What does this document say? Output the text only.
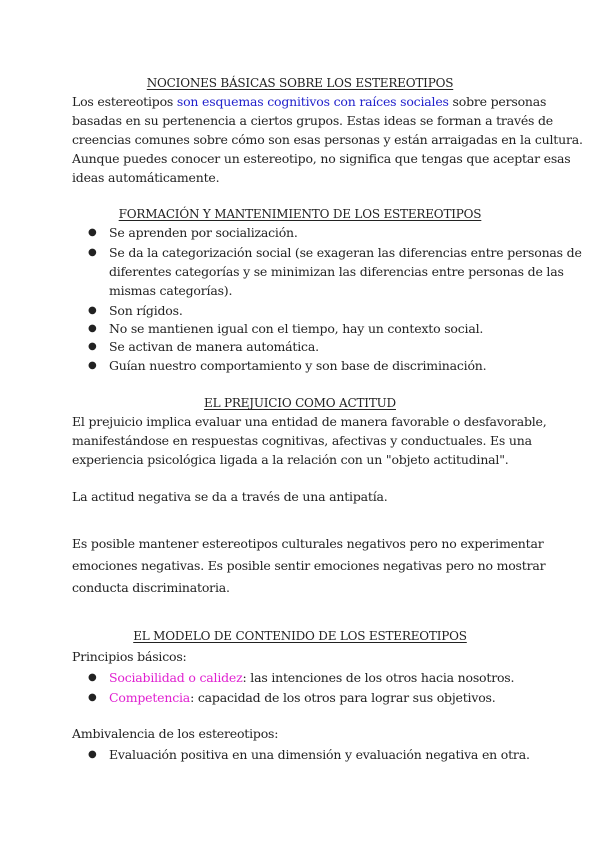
NOCIONES BÁSICAS SOBRE LOS ESTEREOTIPOS
Los estereotipos son esquemas cognitivos con raíces sociales sobre personas
basadas en su pertenencia a ciertos grupos. Estas ideas se forman a través de
creencias comunes sobre cómo son esas personas y están arraigadas en la cultura.
Aunque puedes conocer un estereotipo, no significa que tengas que aceptar esas
ideas automáticamente.
FORMACIÓN Y MANTENIMIENTO DE LOS ESTEREOTIPOS
● Se aprenden por socialización.
● Se da la categorización social (se exageran las diferencias entre personas de
diferentes categorías y se minimizan las diferencias entre personas de las
mismas categorías).
● Son rígidos.
● No se mantienen igual con el tiempo, hay un contexto social.
● Se activan de manera automática.
● Guían nuestro comportamiento y son base de discriminación.
EL PREJUICIO COMO ACTITUD
El prejuicio implica evaluar una entidad de manera favorable o desfavorable,
manifestándose en respuestas cognitivas, afectivas y conductuales. Es una
experiencia psicológica ligada a la relación con un "objeto actitudinal".
La actitud negativa se da a través de una antipatía.
Es posible mantener estereotipos culturales negativos pero no experimentar
emociones negativas. Es posible sentir emociones negativas pero no mostrar
conducta discriminatoria.
EL MODELO DE CONTENIDO DE LOS ESTEREOTIPOS
Principios básicos:
● Sociabilidad o calidez: las intenciones de los otros hacia nosotros.
● Competencia: capacidad de los otros para lograr sus objetivos.
Ambivalencia de los estereotipos:
● Evaluación positiva en una dimensión y evaluación negativa en otra.
